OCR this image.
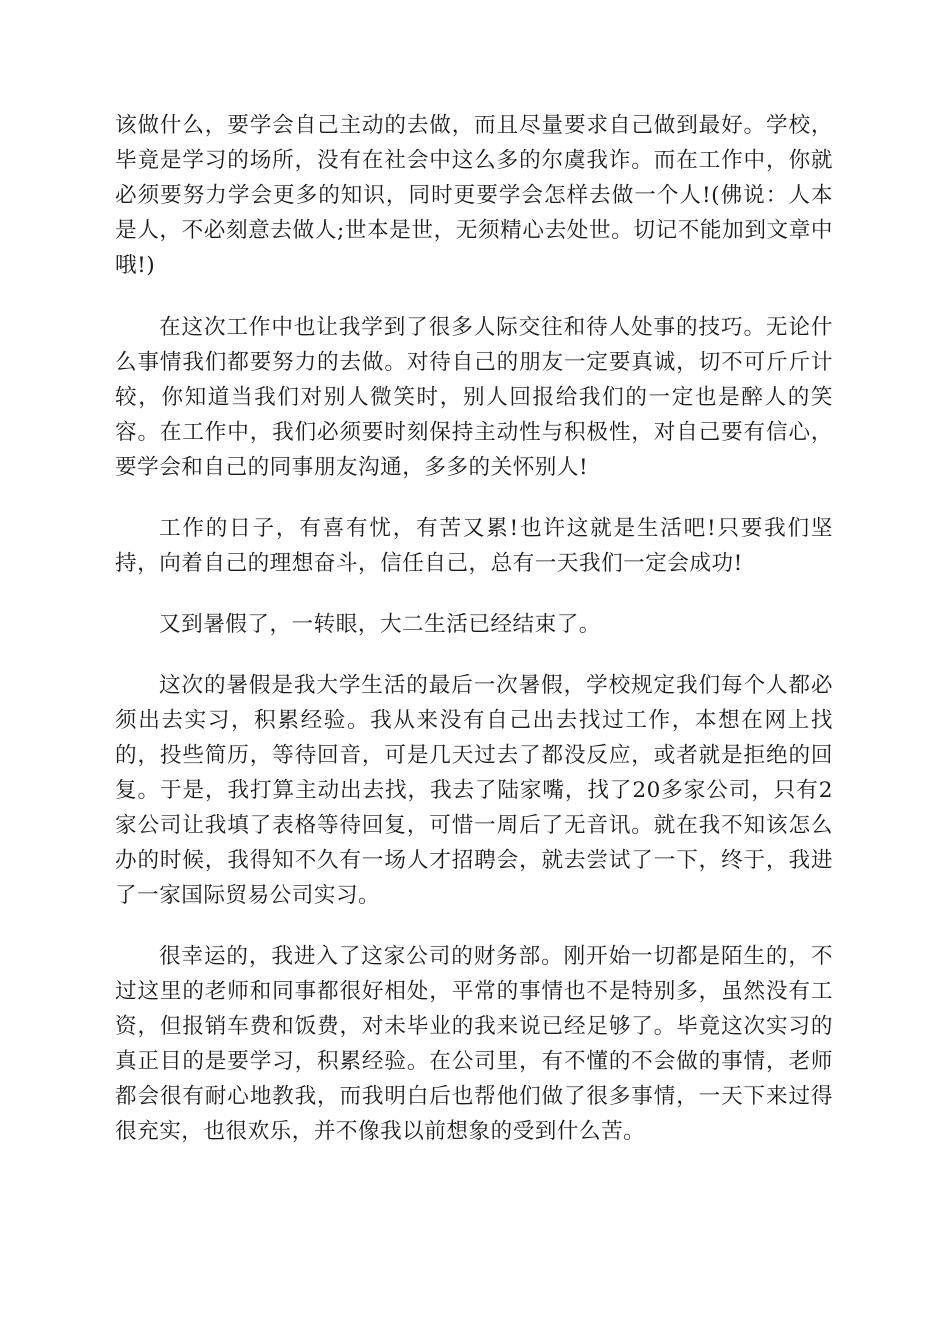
该做什么，要学会自己主动的去做，而且尽量要求自己做到最好。学校，毕竟是学习的场所，没有在社会中这么多的尔虞我诈。而在工作中，你就必须要努力学会更多的知识，同时更要学会怎样去做一个人!(佛说：人本是人，不必刻意去做人;世本是世，无须精心去处世。切记不能加到文章中哦!)

在这次工作中也让我学到了很多人际交往和待人处事的技巧。无论什么事情我们都要努力的去做。对待自己的朋友一定要真诚，切不可斤斤计较，你知道当我们对别人微笑时，别人回报给我们的一定也是醉人的笑容。在工作中，我们必须要时刻保持主动性与积极性，对自己要有信心，要学会和自己的同事朋友沟通，多多的关怀别人!

工作的日子，有喜有忧，有苦又累!也许这就是生活吧!只要我们坚持，向着自己的理想奋斗，信任自己，总有一天我们一定会成功!

又到暑假了，一转眼，大二生活已经结束了。

这次的暑假是我大学生活的最后一次暑假，学校规定我们每个人都必须出去实习，积累经验。我从来没有自己出去找过工作，本想在网上找的，投些简历，等待回音，可是几天过去了都没反应，或者就是拒绝的回复。于是，我打算主动出去找，我去了陆家嘴，找了20多家公司，只有2家公司让我填了表格等待回复，可惜一周后了无音讯。就在我不知该怎么办的时候，我得知不久有一场人才招聘会，就去尝试了一下，终于，我进了一家国际贸易公司实习。

很幸运的，我进入了这家公司的财务部。刚开始一切都是陌生的，不过这里的老师和同事都很好相处，平常的事情也不是特别多，虽然没有工资，但报销车费和饭费，对未毕业的我来说已经足够了。毕竟这次实习的真正目的是要学习，积累经验。在公司里，有不懂的不会做的事情，老师都会很有耐心地教我，而我明白后也帮他们做了很多事情，一天下来过得很充实，也很欢乐，并不像我以前想象的受到什么苦。
